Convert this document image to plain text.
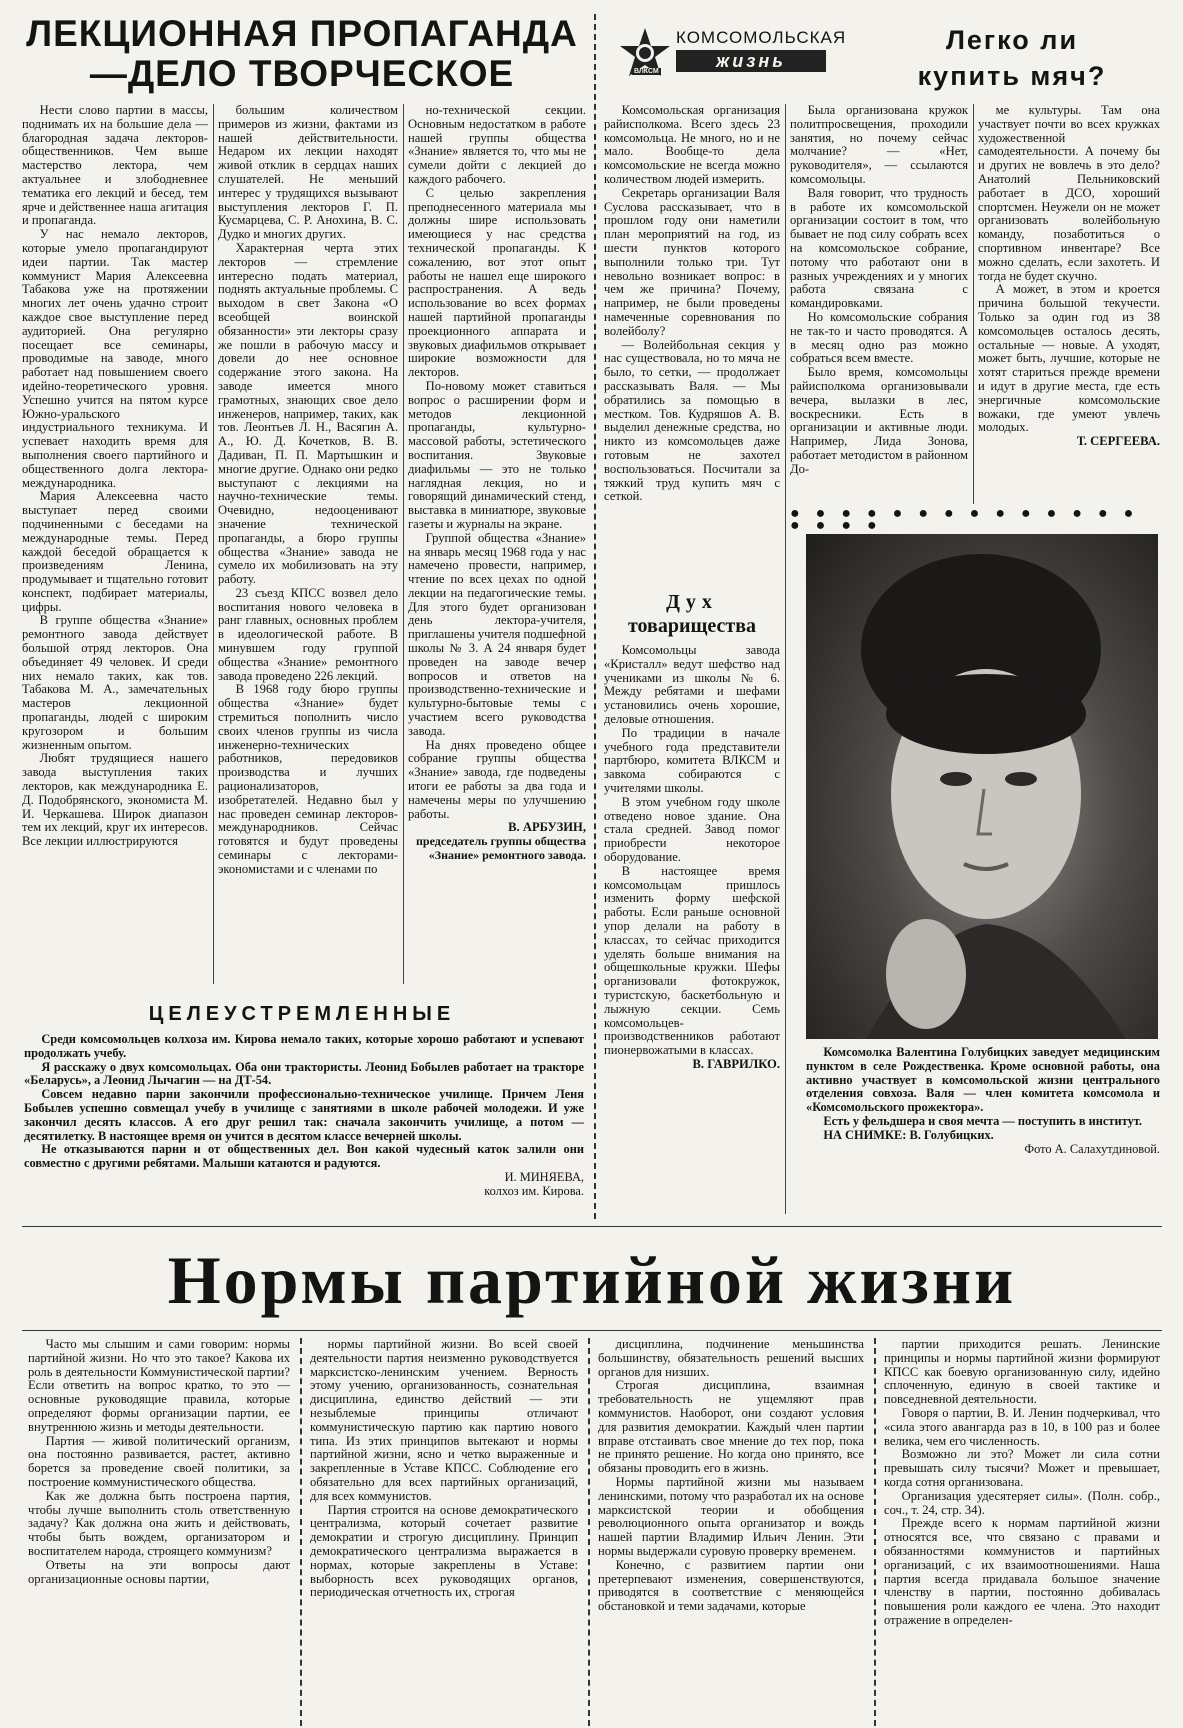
ЛЕКЦИОННАЯ ПРОПАГАНДА
—ДЕЛО ТВОРЧЕСКОЕ

Нести слово партии в массы, поднимать их на большие дела — благородная задача лекторов-общественников. Чем выше мастерство лектора, чем актуальнее и злободневнее тематика его лекций и бесед, тем ярче и действеннее наша агитация и пропаганда.

У нас немало лекторов, которые умело пропагандируют идеи партии. Так мастер коммунист Мария Алексеевна Табакова уже на протяжении многих лет очень удачно строит каждое свое выступление перед аудиторией. Она регулярно посещает все семинары, проводимые на заводе, много работает над повышением своего идейно-теоретического уровня. Успешно учится на пятом курсе Южно-уральского индустриального техникума. И успевает находить время для выполнения своего партийного и общественного долга лектора-международника.

Мария Алексеевна часто выступает перед своими подчиненными с беседами на международные темы. Перед каждой беседой обращается к произведениям Ленина, продумывает и тщательно готовит конспект, подбирает материалы, цифры.

В группе общества «Знание» ремонтного завода действует большой отряд лекторов. Она объединяет 49 человек. И среди них немало таких, как тов. Табакова М. А., замечательных мастеров лекционной пропаганды, людей с широким кругозором и большим жизненным опытом.

Любят трудящиеся нашего завода выступления таких лекторов, как международника Е. Д. Подобрянского, экономиста М. И. Черкашева. Широк диапазон тем их лекций, круг их интересов. Все лекции иллюстрируются

большим количеством примеров из жизни, фактами из нашей действительности. Недаром их лекции находят живой отклик в сердцах наших слушателей. Не меньший интерес у трудящихся вызывают выступления лекторов Г. П. Кусмарцева, С. Р. Анохина, В. С. Дудко и многих других.

Характерная черта этих лекторов — стремление интересно подать материал, поднять актуальные проблемы. С выходом в свет Закона «О всеобщей воинской обязанности» эти лекторы сразу же пошли в рабочую массу и довели до нее основное содержание этого закона. На заводе имеется много грамотных, знающих свое дело инженеров, например, таких, как тов. Леонтьев Л. Н., Васягин А. А., Ю. Д. Кочетков, В. В. Дадиван, П. П. Мартышкин и многие другие. Однако они редко выступают с лекциями на научно-технические темы. Очевидно, недооценивают значение технической пропаганды, а бюро группы общества «Знание» завода не сумело их мобилизовать на эту работу.

23 съезд КПСС возвел дело воспитания нового человека в ранг главных, основных проблем в идеологической работе. В минувшем году группой общества «Знание» ремонтного завода проведено 226 лекций.

В 1968 году бюро группы общества «Знание» будет стремиться пополнить число своих членов группы из числа инженерно-технических работников, передовиков производства и лучших рационализаторов, изобретателей. Недавно был у нас проведен семинар лекторов-международников. Сейчас готовятся и будут проведены семинары с лекторами-экономистами и с членами по

но-технической секции. Основным недостатком в работе нашей группы общества «Знание» является то, что мы не сумели дойти с лекцией до каждого рабочего.

С целью закрепления преподнесенного материала мы должны шире использовать имеющиеся у нас средства технической пропаганды. К сожалению, вот этот опыт работы не нашел еще широкого распространения. А ведь использование во всех формах нашей партийной пропаганды проекционного аппарата и звуковых диафильмов открывает широкие возможности для лекторов.

По-новому может ставиться вопрос о расширении форм и методов лекционной пропаганды, культурно-массовой работы, эстетического воспитания. Звуковые диафильмы — это не только наглядная лекция, но и говорящий динамический стенд, выставка в миниатюре, звуковые газеты и журналы на экране.

Группой общества «Знание» на январь месяц 1968 года у нас намечено провести, например, чтение по всех цехах по одной лекции на педагогические темы. Для этого будет организован день лектора-учителя, приглашены учителя подшефной школы № 3. А 24 января будет проведен на заводе вечер вопросов и ответов на производственно-технические и культурно-бытовые темы с участием всего руководства завода.

На днях проведено общее собрание группы общества «Знание» завода, где подведены итоги ее работы за два года и намечены меры по улучшению работы.

В. АРБУЗИН,

председатель группы общества «Знание» ремонтного завода.

ЦЕЛЕУСТРЕМЛЕННЫЕ

Среди комсомольцев колхоза им. Кирова немало таких, которые хорошо работают и успевают продолжать учебу.

Я расскажу о двух комсомольцах. Оба они трактористы. Леонид Бобылев работает на тракторе «Беларусь», а Леонид Лычагин — на ДТ-54.

Совсем недавно парни закончили профессионально-техническое училище. Причем Леня Бобылев успешно совмещал учебу в училище с занятиями в школе рабочей молодежи. И уже закончил десять классов. А его друг решил так: сначала закончить училище, а потом — десятилетку. В настоящее время он учится в десятом классе вечерней школы.

Не отказываются парни и от общественных дел. Вон какой чудесный каток залили они совместно с другими ребятами. Малыши катаются и радуются.

И. МИНЯЕВА,

колхоз им. Кирова.

ВЛКСМ
КОМСОМОЛЬСКАЯ
жизнь
Легко ли
купить мяч?

Комсомольская организация райисполкома. Всего здесь 23 комсомольца. Не много, но и не мало. Вообще-то дела комсомольские не всегда можно количеством людей измерить.

Секретарь организации Валя Суслова рассказывает, что в прошлом году они наметили план мероприятий на год, из шести пунктов которого выполнили только три. Тут невольно возникает вопрос: в чем же причина? Почему, например, не были проведены намеченные соревнования по волейболу?

— Волейбольная секция у нас существовала, но то мяча не было, то сетки, — продолжает рассказывать Валя. — Мы обратились за помощью в местком. Тов. Кудряшов А. В. выделил денежные средства, но никто из комсомольцев даже готовым не захотел воспользоваться. Посчитали за тяжкий труд купить мяч с сеткой.

Была организована кружок политпросвещения, проходили занятия, но почему сейчас молчание? — «Нет, руководителя», — ссылаются комсомольцы.

Валя говорит, что трудность в работе их комсомольской организации состоит в том, что бывает не под силу собрать всех на комсомольское собрание, потому что работают они в разных учреждениях и у многих работа связана с командировками.

Но комсомольские собрания не так-то и часто проводятся. А в месяц одно раз можно собраться всем вместе.

Было время, комсомольцы райисполкома организовывали вечера, вылазки в лес, воскресники. Есть в организации и активные люди. Например, Лида Зонова, работает методистом в районном До-

ме культуры. Там она участвует почти во всех кружках художественной самодеятельности. А почему бы и других не вовлечь в это дело? Анатолий Пельниковский работает в ДСО, хороший спортсмен. Неужели он не может организовать волейбольную команду, позаботиться о спортивном инвентаре? Все можно сделать, если захотеть. И тогда не будет скучно.

А может, в этом и кроется причина большой текучести. Только за один год из 38 комсомольцев осталось десять, остальные — новые. А уходят, может быть, лучшие, которые не хотят стариться прежде времени и идут в другие места, где есть энергичные комсомольские вожаки, где умеют увлечь молодых.

Т. СЕРГЕЕВА.

● ● ● ● ● ● ● ● ● ● ● ● ● ● ● ● ● ●
Дух
товарищества

Комсомольцы завода «Кристалл» ведут шефство над учениками из школы № 6. Между ребятами и шефами установились очень хорошие, деловые отношения.

По традиции в начале учебного года представители партбюро, комитета ВЛКСМ и завкома собираются с учителями школы.

В этом учебном году школе отведено новое здание. Она стала средней. Завод помог приобрести некоторое оборудование.

В настоящее время комсомольцам пришлось изменить форму шефской работы. Если раньше основной упор делали на работу в классах, то сейчас приходится уделять больше внимания на общешкольные кружки. Шефы организовали фотокружок, туристскую, баскетбольную и лыжную секции. Семь комсомольцев-производственников работают пионервожатыми в классах.

В. ГАВРИЛКО.

Комсомолка Валентина Голубицких заведует медицинским пунктом в селе Рождественка. Кроме основной работы, она активно участвует в комсомольской жизни центрального отделения совхоза. Валя — член комитета комсомола и «Комсомольского прожектора».

Есть у фельдшера и своя мечта — поступить в институт.

НА СНИМКЕ: В. Голубицких.

Фото А. Салахутдиновой.

Нормы партийной жизни

Часто мы слышим и сами говорим: нормы партийной жизни. Но что это такое? Какова их роль в деятельности Коммунистической партии? Если ответить на вопрос кратко, то это — основные руководящие правила, которые определяют формы организации партии, ее внутреннюю жизнь и методы деятельности.

Партия — живой политический организм, она постоянно развивается, растет, активно борется за проведение своей политики, за построение коммунистического общества.

Как же должна быть построена партия, чтобы лучше выполнить столь ответственную задачу? Как должна она жить и действовать, чтобы быть вождем, организатором и воспитателем народа, строящего коммунизм?

Ответы на эти вопросы дают организационные основы партии,

нормы партийной жизни. Во всей своей деятельности партия неизменно руководствуется марксистско-ленинским учением. Верность этому учению, организованность, сознательная дисциплина, единство действий — эти незыблемые принципы отличают коммунистическую партию как партию нового типа. Из этих принципов вытекают и нормы партийной жизни, ясно и четко выраженные и закрепленные в Уставе КПСС. Соблюдение его обязательно для всех партийных организаций, для всех коммунистов.

Партия строится на основе демократического централизма, который сочетает развитие демократии и строгую дисциплину. Принцип демократического централизма выражается в нормах, которые закреплены в Уставе: выборность всех руководящих органов, периодическая отчетность их, строгая

дисциплина, подчинение меньшинства большинству, обязательность решений высших органов для низших.

Строгая дисциплина, взаимная требовательность не ущемляют прав коммунистов. Наоборот, они создают условия для развития демократии. Каждый член партии вправе отстаивать свое мнение до тех пор, пока не принято решение. Но когда оно принято, все обязаны проводить его в жизнь.

Нормы партийной жизни мы называем ленинскими, потому что разработал их на основе марксистской теории и обобщения революционного опыта организатор и вождь нашей партии Владимир Ильич Ленин. Эти нормы выдержали суровую проверку временем.

Конечно, с развитием партии они претерпевают изменения, совершенствуются, приводятся в соответствие с меняющейся обстановкой и теми задачами, которые

партии приходится решать. Ленинские принципы и нормы партийной жизни формируют КПСС как боевую организованную силу, идейно сплоченную, единую в своей тактике и повседневной деятельности.

Говоря о партии, В. И. Ленин подчеркивал, что «сила этого авангарда раз в 10, в 100 раз и более велика, чем его численность.

Возможно ли это? Может ли сила сотни превышать силу тысячи? Может и превышает, когда сотня организована.

Организация удесятеряет силы». (Полн. собр., соч., т. 24, стр. 34).

Прежде всего к нормам партийной жизни относятся все, что связано с правами и обязанностями коммунистов и партийных организаций, с их взаимоотношениями. Наша партия всегда придавала большое значение членству в партии, постоянно добивалась повышения роли каждого ее члена. Это находит отражение в определен-
